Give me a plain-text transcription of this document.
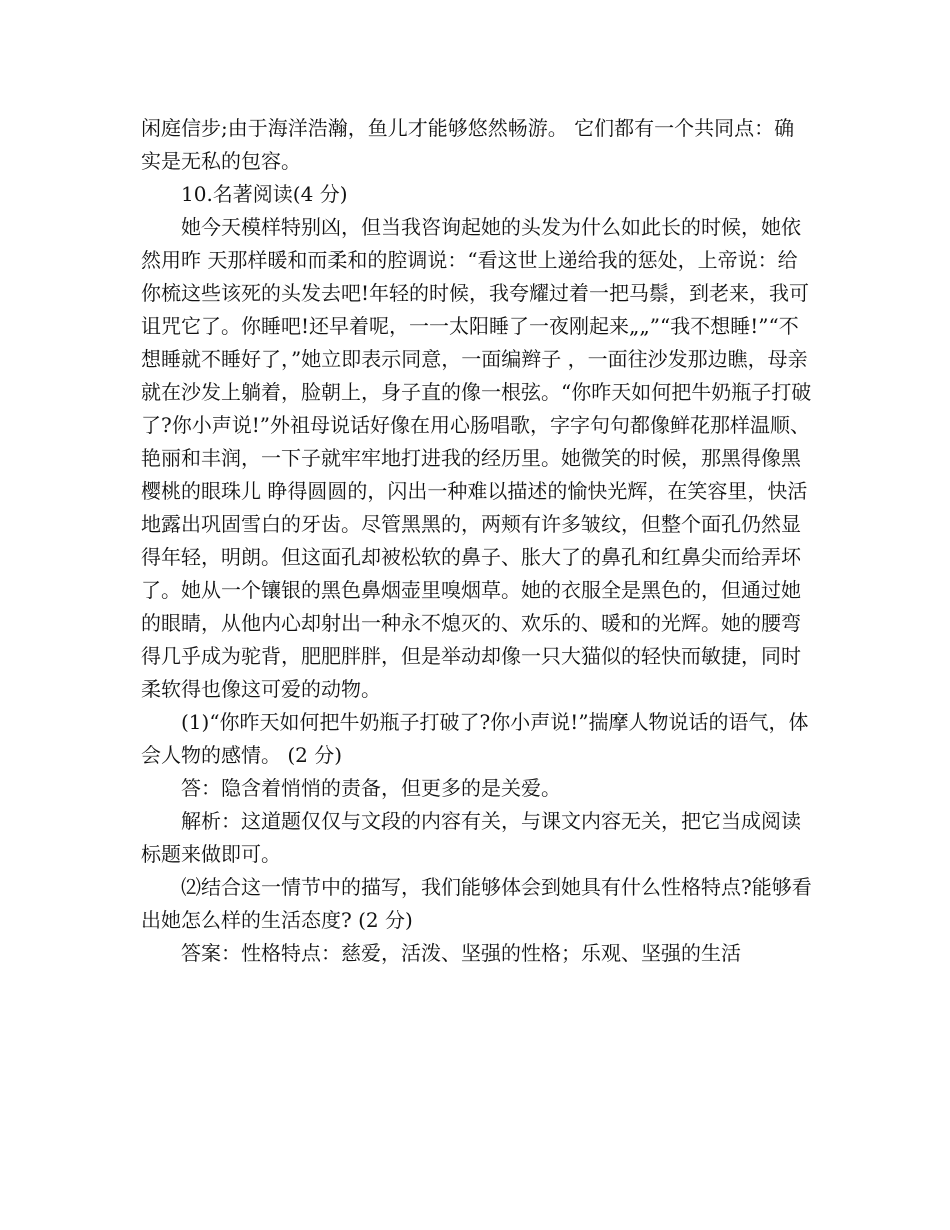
闲庭信步;由于海洋浩瀚，鱼儿才能够悠然畅游。 它们都有一个共同点：确实是无私的包容。

10.名著阅读(4 分)

她今天模样特别凶，但当我咨询起她的头发为什么如此长的时候，她依然用昨 天那样暖和而柔和的腔调说：“看这世上递给我的惩处，上帝说：给你梳这些该死的头发去吧!年轻的时候，我夸耀过着一把马鬃，到老来，我可诅咒它了。你睡吧!还早着呢，一一太阳睡了一夜刚起来„„”“我不想睡!”“不想睡就不睡好了，”她立即表示同意，一面编辫子 ，一面往沙发那边瞧，母亲就在沙发上躺着，脸朝上，身子直的像一根弦。“你昨天如何把牛奶瓶子打破了?你小声说!”外祖母说话好像在用心肠唱歌，字字句句都像鲜花那样温顺、艳丽和丰润，一下子就牢牢地打进我的经历里。她微笑的时候，那黑得像黑樱桃的眼珠儿 睁得圆圆的，闪出一种难以描述的愉快光辉，在笑容里，快活地露出巩固雪白的牙齿。尽管黑黑的，两颊有许多皱纹，但整个面孔仍然显得年轻，明朗。但这面孔却被松软的鼻子、胀大了的鼻孔和红鼻尖而给弄坏了。她从一个镶银的黑色鼻烟壶里嗅烟草。她的衣服全是黑色的，但通过她的眼睛，从他内心却射出一种永不熄灭的、欢乐的、暖和的光辉。她的腰弯得几乎成为驼背，肥肥胖胖，但是举动却像一只大猫似的轻快而敏捷，同时柔软得也像这可爱的动物。

(1)“你昨天如何把牛奶瓶子打破了?你小声说!”揣摩人物说话的语气，体会人物的感情。 (2 分)

答：隐含着悄悄的责备，但更多的是关爱。

解析：这道题仅仅与文段的内容有关，与课文内容无关，把它当成阅读标题来做即可。

⑵结合这一情节中的描写，我们能够体会到她具有什么性格特点?能够看出她怎么样的生活态度? (2 分)

答案：性格特点：慈爱，活泼、坚强的性格；乐观、坚强的生活
